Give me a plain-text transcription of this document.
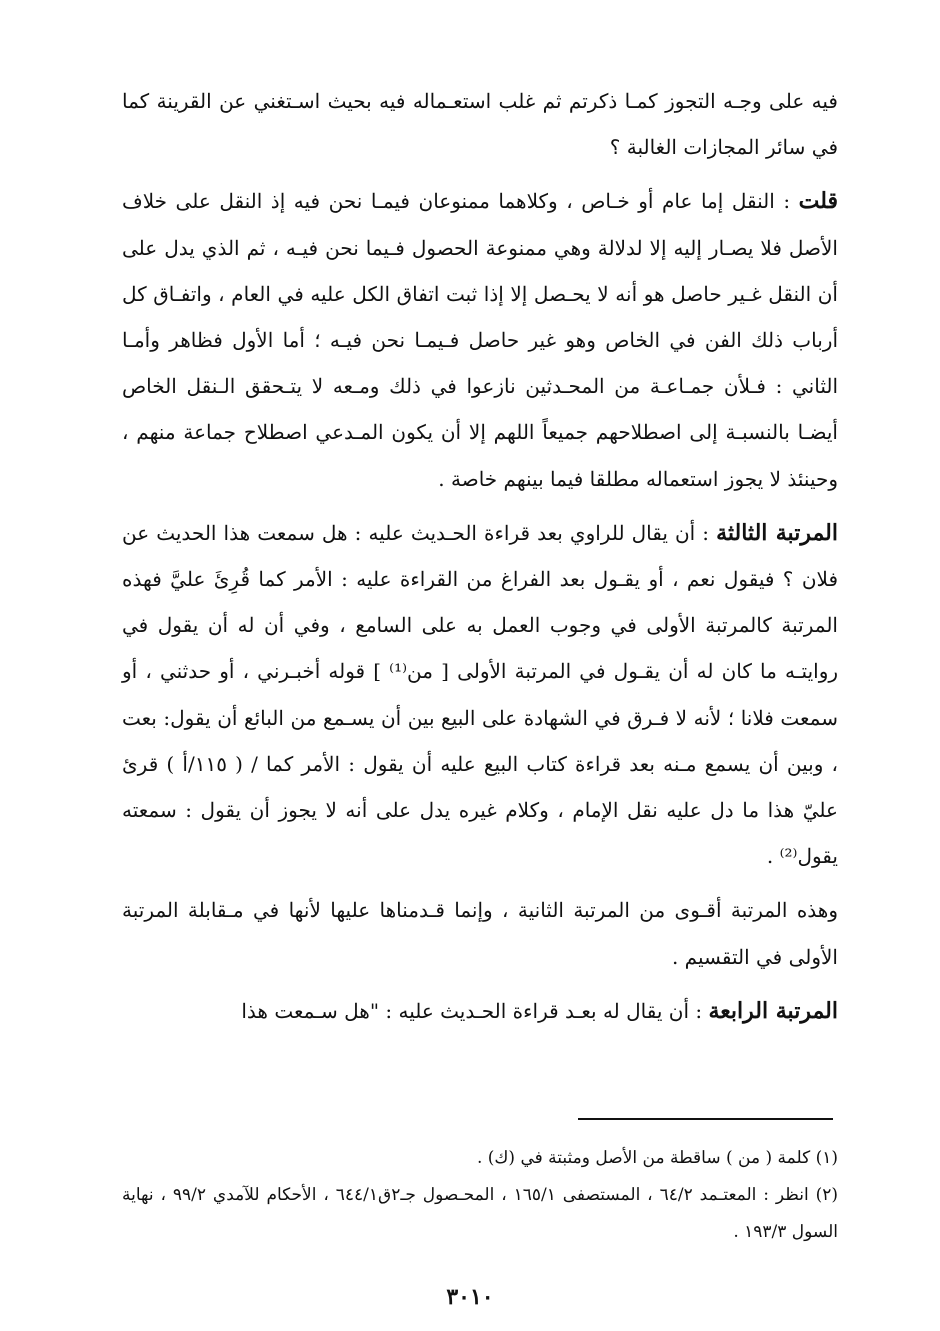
فيه على وجـه التجوز كمـا ذكرتم ثم غلب استعـماله فيه بحيث اسـتغني عن القرينة كما في سائر المجازات الغالبة ؟

قلت : النقل إما عام أو خـاص ، وكلاهما ممنوعان فيمـا نحن فيه إذ النقل على خلاف الأصل فلا يصـار إليه إلا لدلالة وهي ممنوعة الحصول فـيما نحن فيـه ، ثم الذي يدل على أن النقل غـير حاصل هو أنه لا يحـصل إلا إذا ثبت اتفاق الكل عليه في العام ، واتفـاق كل أرباب ذلك الفن في الخاص وهو غير حاصل فـيمـا نحن فيـه ؛ أما الأول فظاهر وأمـا الثاني : فـلأن جمـاعـة من المحـدثين نازعوا في ذلك ومـعه لا يتـحقق الـنقل الخاص أيضـا بالنسبـة إلى اصطلاحهم جميعاً اللهم إلا أن يكون المـدعي اصطلاح جماعة منهم ، وحينئذ لا يجوز استعماله مطلقا فيما بينهم خاصة .

المرتبة الثالثة : أن يقال للراوي بعد قراءة الحـديث عليه : هل سمعت هذا الحديث عن فلان ؟ فيقول نعم ، أو يقـول بعد الفراغ من القراءة عليه : الأمر كما قُرِئَ عليَّ فهذه المرتبة كالمرتبة الأولى في وجوب العمل به على السامع ، وفي أن له أن يقول في روايتـه ما كان له أن يقـول في المرتبة الأولى [ من⁽¹⁾ ] قوله أخبـرني ، أو حدثني ، أو سمعت فلانا ؛ لأنه لا فـرق في الشهادة على البيع بين أن يسـمع من البائع أن يقول: بعت ، وبين أن يسمع مـنه بعد قراءة كتاب البيع عليه أن يقول : الأمر كما / ( ١١٥/أ ) قرئ عليّ هذا ما دل عليه نقل الإمام ، وكلام غيره يدل على أنه لا يجوز أن يقول : سمعته يقول⁽²⁾ .

وهذه المرتبة أقـوى من المرتبة الثانية ، وإنما قـدمناها عليها لأنها في مـقابلة المرتبة الأولى في التقسيم .

المرتبة الرابعة : أن يقال له بعـد قراءة الحـديث عليه : "هل سـمعت هذا

(١) كلمة ( من ) ساقطة من الأصل ومثبتة في (ك) .

(٢) انظر : المعتـمد ٦٤/٢ ، المستصفى ١٦٥/١ ، المحـصول جـ٢ق٦٤٤/١ ، الأحكام للآمدي ٩٩/٢ ، نهاية السول ١٩٣/٣ .

٣٠١٠
